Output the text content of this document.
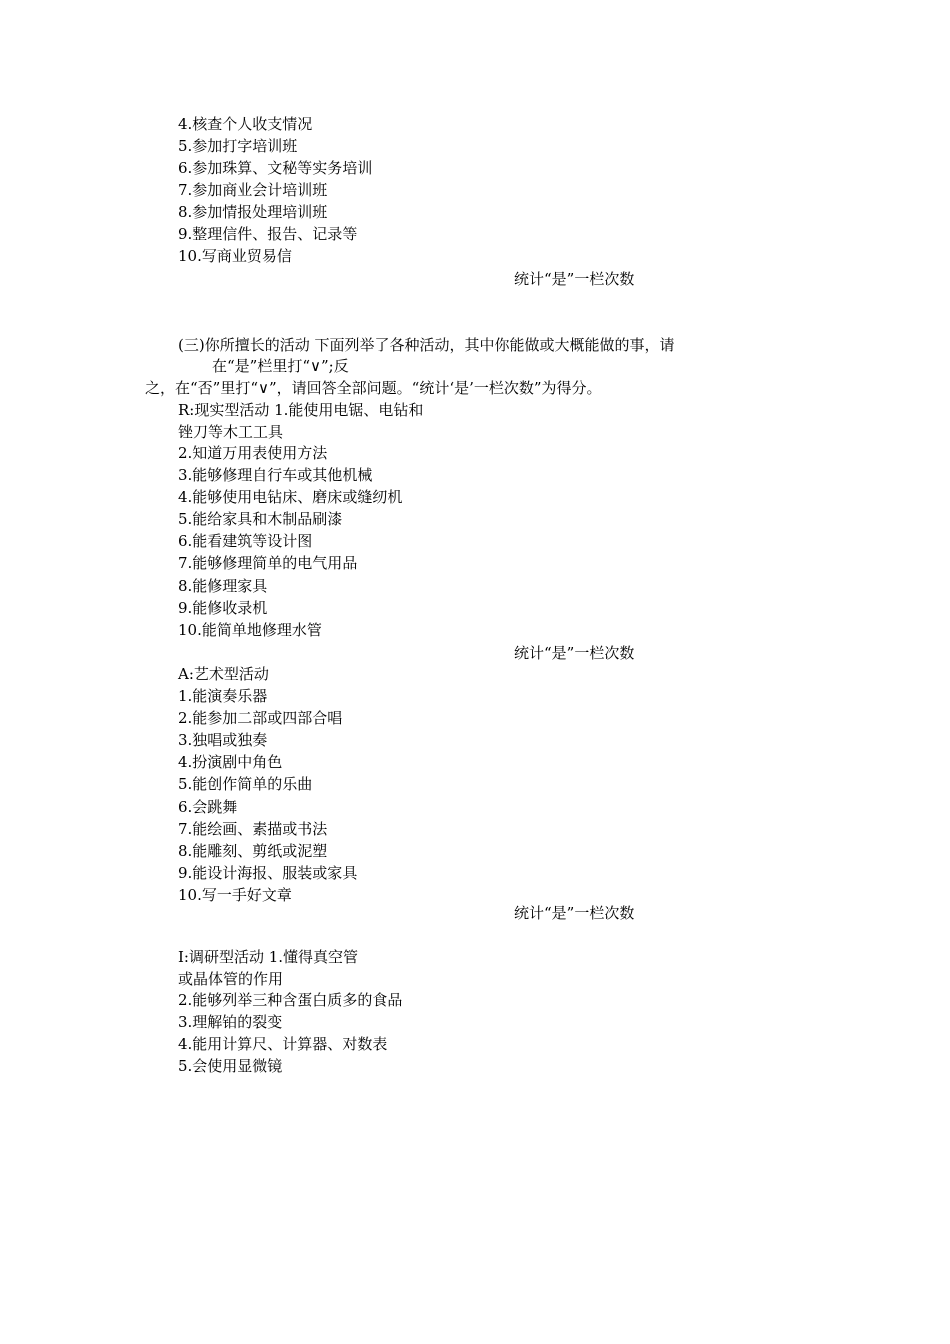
4.核查个人收支情况
5.参加打字培训班
6.参加珠算、文秘等实务培训
7.参加商业会计培训班
8.参加情报处理培训班
9.整理信件、报告、记录等
10.写商业贸易信
统计“是”一栏次数
(三)你所擅长的活动 下面列举了各种活动，其中你能做或大概能做的事，请
在“是”栏里打“∨”;反
之，在“否”里打“∨”，请回答全部问题。“统计‘是’一栏次数”为得分。
R:现实型活动 1.能使用电锯、电钻和
锉刀等木工工具
2.知道万用表使用方法
3.能够修理自行车或其他机械
4.能够使用电钻床、磨床或缝纫机
5.能给家具和木制品刷漆
6.能看建筑等设计图
7.能够修理简单的电气用品
8.能修理家具
9.能修收录机
10.能简单地修理水管
统计“是”一栏次数
A:艺术型活动
1.能演奏乐器
2.能参加二部或四部合唱
3.独唱或独奏
4.扮演剧中角色
5.能创作简单的乐曲
6.会跳舞
7.能绘画、素描或书法
8.能雕刻、剪纸或泥塑
9.能设计海报、服装或家具
10.写一手好文章
统计“是”一栏次数
I:调研型活动 1.懂得真空管
或晶体管的作用
2.能够列举三种含蛋白质多的食品
3.理解铂的裂变
4.能用计算尺、计算器、对数表
5.会使用显微镜
